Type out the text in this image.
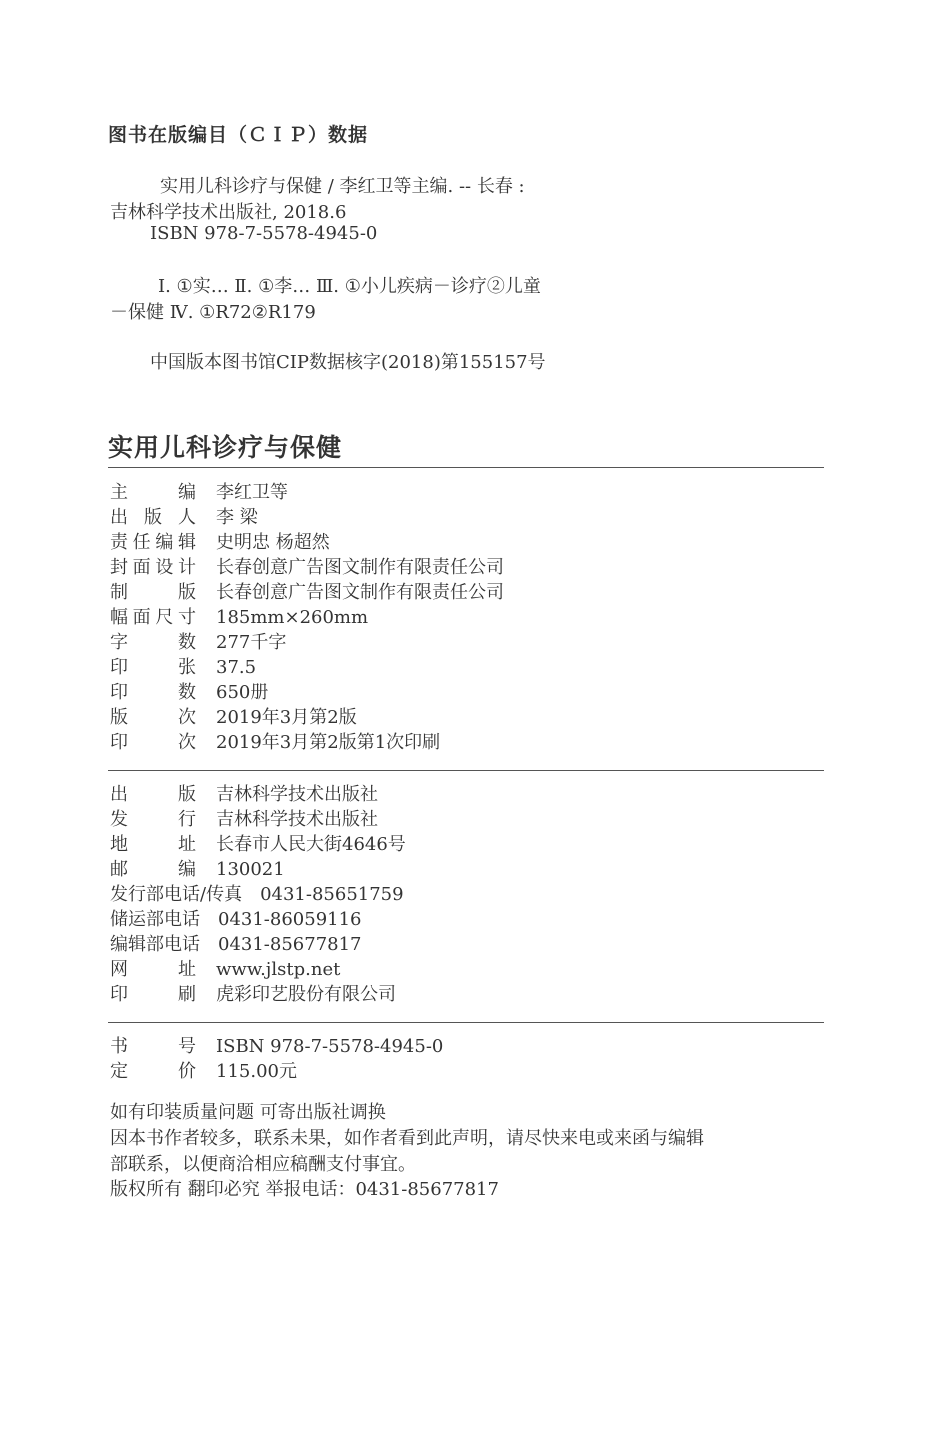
图书在版编目（ＣＩＰ）数据
实用儿科诊疗与保健 / 李红卫等主编. -- 长春 :
吉林科学技术出版社, 2018.6
ISBN 978-7-5578-4945-0
Ⅰ. ①实… Ⅱ. ①李… Ⅲ. ①小儿疾病－诊疗②儿童
－保健 Ⅳ. ①R72②R179
中国版本图书馆CIP数据核字(2018)第155157号
实用儿科诊疗与保健
主编 李红卫等
出版人 李 梁
责任编辑 史明忠 杨超然
封面设计 长春创意广告图文制作有限责任公司
制版 长春创意广告图文制作有限责任公司
幅面尺寸 185mm×260mm
字数 277千字
印张 37.5
印数 650册
版次 2019年3月第2版
印次 2019年3月第2版第1次印刷
出版 吉林科学技术出版社
发行 吉林科学技术出版社
地址 长春市人民大街4646号
邮编 130021
发行部电话/传真 0431-85651759
储运部电话 0431-86059116
编辑部电话 0431-85677817
网址 www.jlstp.net
印刷 虎彩印艺股份有限公司
书号 ISBN 978-7-5578-4945-0
定价 115.00元
如有印装质量问题 可寄出版社调换
因本书作者较多，联系未果，如作者看到此声明，请尽快来电或来函与编辑
部联系，以便商洽相应稿酬支付事宜。
版权所有 翻印必究 举报电话：0431-85677817
